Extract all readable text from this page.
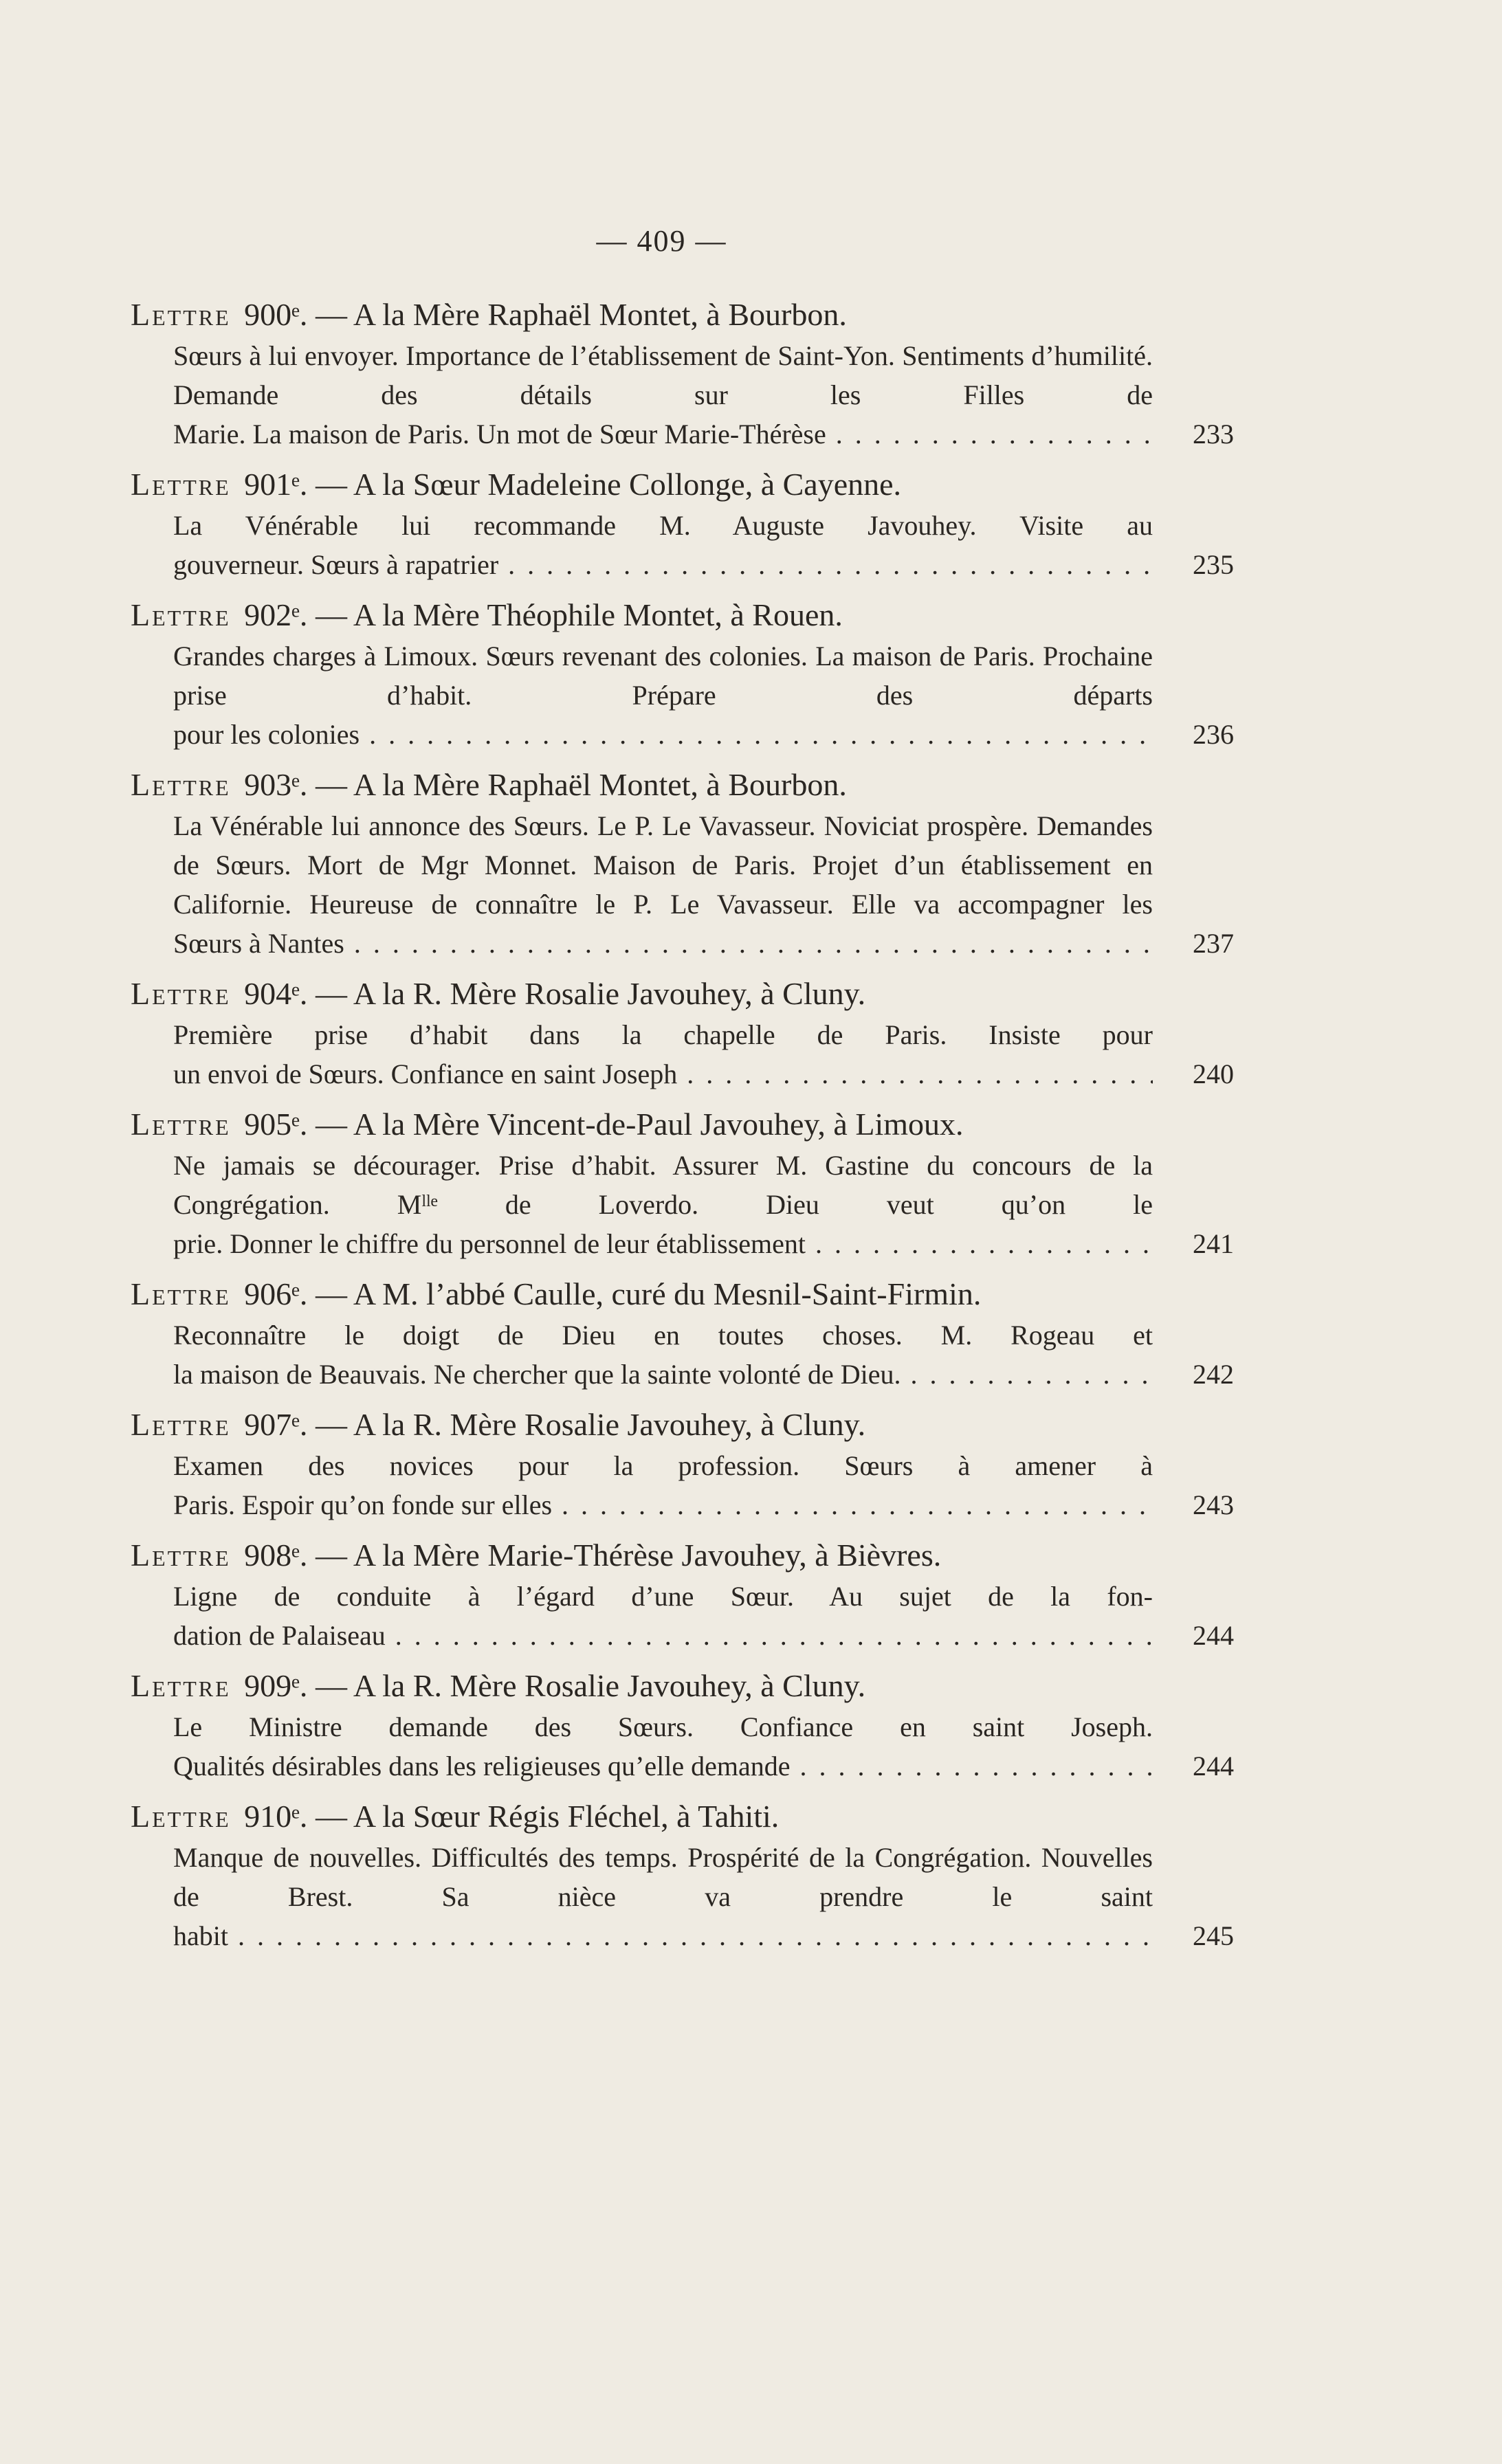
— 409 —
Lettre 900ᵉ. — A la Mère Raphaël Montet, à Bourbon.
Sœurs à lui envoyer. Importance de l’établissement de Saint-Yon. Sentiments d’humilité. Demande des détails sur les Filles de
Marie. La maison de Paris. Un mot de Sœur Marie-Thérèse . . .	233
Lettre 901ᵉ. — A la Sœur Madeleine Collonge, à Cayenne.
La Vénérable lui recommande M. Auguste Javouhey. Visite au
gouverneur. Sœurs à rapatrier . . .	235
Lettre 902ᵉ. — A la Mère Théophile Montet, à Rouen.
Grandes charges à Limoux. Sœurs revenant des colonies. La maison de Paris. Prochaine prise d’habit. Prépare des départs
pour les colonies . . .	236
Lettre 903ᵉ. — A la Mère Raphaël Montet, à Bourbon.
La Vénérable lui annonce des Sœurs. Le P. Le Vavasseur. Noviciat prospère. Demandes de Sœurs. Mort de Mgr Monnet. Maison de Paris. Projet d’un établissement en Californie. Heureuse de connaître le P. Le Vavasseur. Elle va accompagner les
Sœurs à Nantes . . .	237
Lettre 904ᵉ. — A la R. Mère Rosalie Javouhey, à Cluny.
Première prise d’habit dans la chapelle de Paris. Insiste pour
un envoi de Sœurs. Confiance en saint Joseph . . .	240
Lettre 905ᵉ. — A la Mère Vincent-de-Paul Javouhey, à Limoux.
Ne jamais se décourager. Prise d’habit. Assurer M. Gastine du concours de la Congrégation. Mˡˡᵉ de Loverdo. Dieu veut qu’on le
prie. Donner le chiffre du personnel de leur établissement . . .	241
Lettre 906ᵉ. — A M. l’abbé Caulle, curé du Mesnil-Saint-Firmin.
Reconnaître le doigt de Dieu en toutes choses. M. Rogeau et
la maison de Beauvais. Ne chercher que la sainte volonté de Dieu. . . .	242
Lettre 907ᵉ. — A la R. Mère Rosalie Javouhey, à Cluny.
Examen des novices pour la profession. Sœurs à amener à
Paris. Espoir qu’on fonde sur elles . . .	243
Lettre 908ᵉ. — A la Mère Marie-Thérèse Javouhey, à Bièvres.
Ligne de conduite à l’égard d’une Sœur. Au sujet de la fon-
dation de Palaiseau . . .	244
Lettre 909ᵉ. — A la R. Mère Rosalie Javouhey, à Cluny.
Le Ministre demande des Sœurs. Confiance en saint Joseph.
Qualités désirables dans les religieuses qu’elle demande . . .	244
Lettre 910ᵉ. — A la Sœur Régis Fléchel, à Tahiti.
Manque de nouvelles. Difficultés des temps. Prospérité de la Congrégation. Nouvelles de Brest. Sa nièce va prendre le saint
habit . . .	245
